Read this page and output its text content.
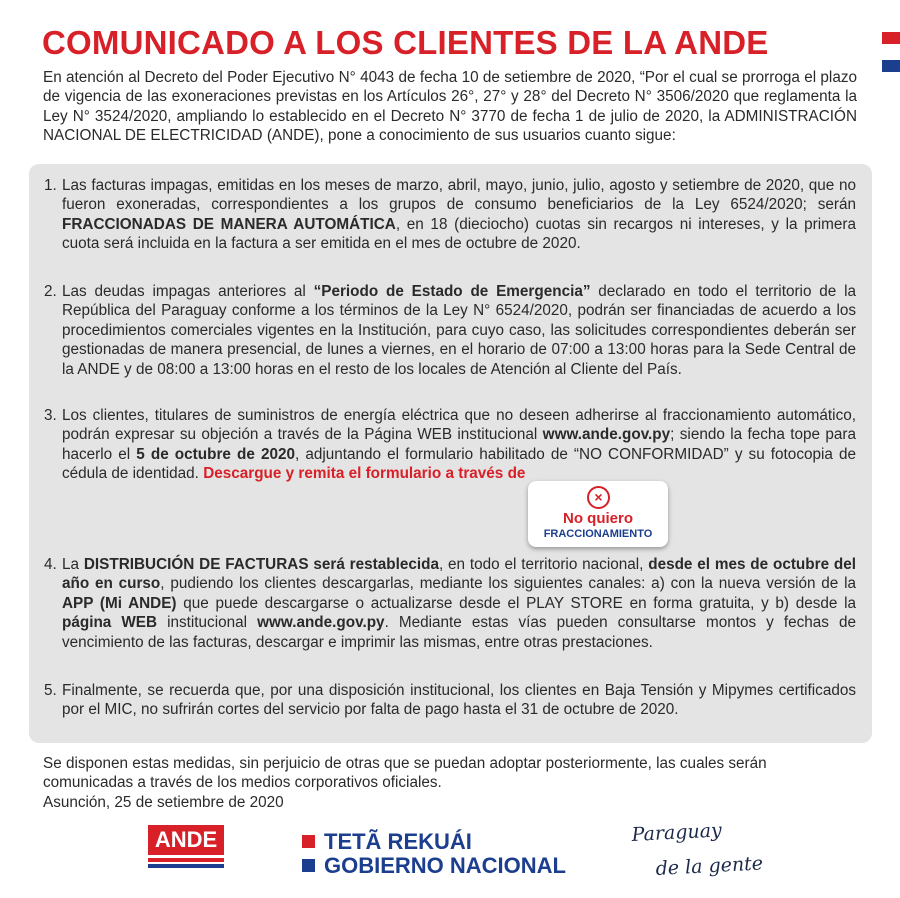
COMUNICADO A LOS CLIENTES DE LA ANDE
En atención al Decreto del Poder Ejecutivo N° 4043 de fecha 10 de setiembre de 2020, “Por el cual se prorroga el plazo de vigencia de las exoneraciones previstas en los Artículos 26°, 27° y 28° del Decreto N° 3506/2020 que reglamenta la Ley N° 3524/2020, ampliando lo establecido en el Decreto N° 3770 de fecha 1 de julio de 2020, la ADMINISTRACIÓN NACIONAL DE ELECTRICIDAD (ANDE), pone a conocimiento de sus usuarios cuanto sigue:
1. Las facturas impagas, emitidas en los meses de marzo, abril, mayo, junio, julio, agosto y setiembre de 2020, que no fueron exoneradas, correspondientes a los grupos de consumo beneficiarios de la Ley 6524/2020; serán FRACCIONADAS DE MANERA AUTOMÁTICA, en 18 (dieciocho) cuotas sin recargos ni intereses, y la primera cuota será incluida en la factura a ser emitida en el mes de octubre de 2020.
2. Las deudas impagas anteriores al “Periodo de Estado de Emergencia” declarado en todo el territorio de la República del Paraguay conforme a los términos de la Ley N° 6524/2020, podrán ser financiadas de acuerdo a los procedimientos comerciales vigentes en la Institución, para cuyo caso, las solicitudes correspondientes deberán ser gestionadas de manera presencial, de lunes a viernes, en el horario de 07:00 a 13:00 horas para la Sede Central de la ANDE y de 08:00 a 13:00 horas en el resto de los locales de Atención al Cliente del País.
3. Los clientes, titulares de suministros de energía eléctrica que no deseen adherirse al fraccionamiento automático, podrán expresar su objeción a través de la Página WEB institucional www.ande.gov.py; siendo la fecha tope para hacerlo el 5 de octubre de 2020, adjuntando el formulario habilitado de “NO CONFORMIDAD” y su fotocopia de cédula de identidad. Descargue y remita el formulario a través de
×
No quiero
FRACCIONAMIENTO
4. La DISTRIBUCIÓN DE FACTURAS será restablecida, en todo el territorio nacional, desde el mes de octubre del año en curso, pudiendo los clientes descargarlas, mediante los siguientes canales: a) con la nueva versión de la APP (Mi ANDE) que puede descargarse o actualizarse desde el PLAY STORE en forma gratuita, y b) desde la página WEB institucional www.ande.gov.py. Mediante estas vías pueden consultarse montos y fechas de vencimiento de las facturas, descargar e imprimir las mismas, entre otras prestaciones.
5. Finalmente, se recuerda que, por una disposición institucional, los clientes en Baja Tensión y Mipymes certificados por el MIC, no sufrirán cortes del servicio por falta de pago hasta el 31 de octubre de 2020.
Se disponen estas medidas, sin perjuicio de otras que se puedan adoptar posteriormente, las cuales serán comunicadas a través de los medios corporativos oficiales.
Asunción, 25 de setiembre de 2020
ANDE	TETÃ REKUÁI
GOBIERNO NACIONAL
Paraguay
de la gente
